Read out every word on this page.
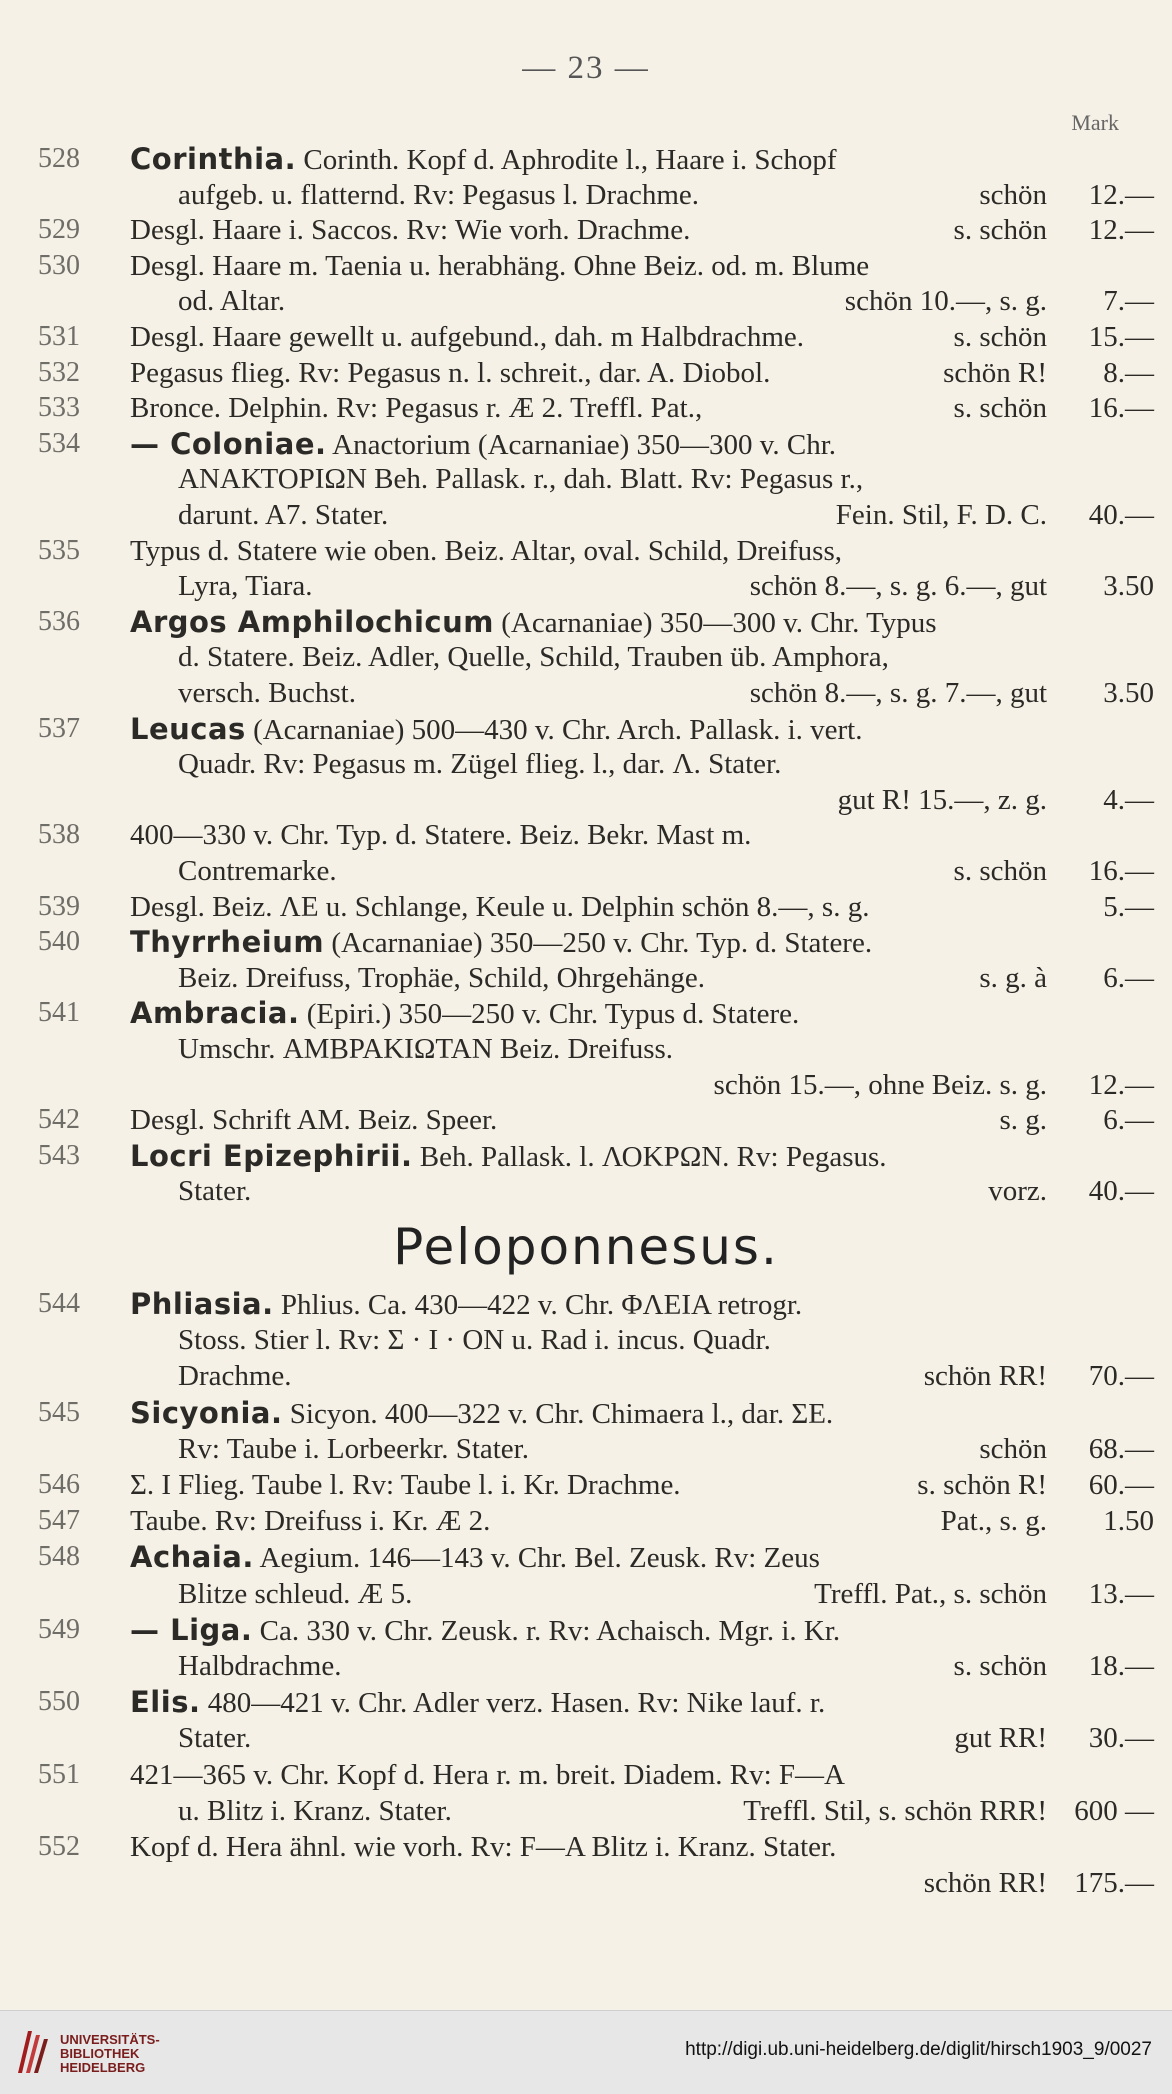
— 23 —
Mark
528 Corinthia. Corinth. Kopf d. Aphrodite l., Haare i. Schopf
aufgeb. u. flatternd. Rv: Pegasus l. Drachme.	schön 12.—
529 Desgl. Haare i. Saccos. Rv: Wie vorh. Drachme.	s. schön 12.—
530 Desgl. Haare m. Taenia u. herabhäng. Ohne Beiz. od. m. Blume
od. Altar.	schön 10.—, s. g. 7.—
531 Desgl. Haare gewellt u. aufgebund., dah. m Halbdrachme.	s. schön 15.—
532 Pegasus flieg. Rv: Pegasus n. l. schreit., dar. A. Diobol.	schön R! 8.—
533 Bronce. Delphin. Rv: Pegasus r. Æ 2. Treffl. Pat.,	s. schön 16.—
534 — Coloniae. Anactorium (Acarnaniae) 350—300 v. Chr.
ΑΝΑΚΤΟΡΙΩΝ Beh. Pallask. r., dah. Blatt. Rv: Pegasus r.,
darunt. A7. Stater.	Fein. Stil, F. D. C. 40.—
535 Typus d. Statere wie oben. Beiz. Altar, oval. Schild, Dreifuss,
Lyra, Tiara.	schön 8.—, s. g. 6.—, gut 3.50
536 Argos Amphilochicum (Acarnaniae) 350—300 v. Chr. Typus
d. Statere. Beiz. Adler, Quelle, Schild, Trauben üb. Amphora,
versch. Buchst.	schön 8.—, s. g. 7.—, gut 3.50
537 Leucas (Acarnaniae) 500—430 v. Chr. Arch. Pallask. i. vert.
Quadr. Rv: Pegasus m. Zügel flieg. l., dar. Λ. Stater.
gut R! 15.—, z. g. 4.—
538 400—330 v. Chr. Typ. d. Statere. Beiz. Bekr. Mast m.
Contremarke.	s. schön 16.—
539 Desgl. Beiz. ΛΕ u. Schlange, Keule u. Delphin schön 8.—, s. g.	5.—
540 Thyrrheium (Acarnaniae) 350—250 v. Chr. Typ. d. Statere.
Beiz. Dreifuss, Trophäe, Schild, Ohrgehänge.	s. g. à 6.—
541 Ambracia. (Epiri.) 350—250 v. Chr. Typus d. Statere.
Umschr. ΑΜΒΡΑΚΙΩΤΑΝ Beiz. Dreifuss.
schön 15.—, ohne Beiz. s. g. 12.—
542 Desgl. Schrift AM. Beiz. Speer.	s. g. 6.—
543 Locri Epizephirii. Beh. Pallask. l. ΛΟΚΡΩΝ. Rv: Pegasus.
Stater.	vorz. 40.—
544 Phliasia. Phlius. Ca. 430—422 v. Chr. ΦΛΕΙΑ retrogr.
Stoss. Stier l. Rv: Σ · I · ON u. Rad i. incus. Quadr.
Drachme.	schön RR! 70.—
545 Sicyonia. Sicyon. 400—322 v. Chr. Chimaera l., dar. ΣΕ.
Rv: Taube i. Lorbeerkr. Stater.	schön 68.—
546 Σ. I Flieg. Taube l. Rv: Taube l. i. Kr. Drachme.	s. schön R! 60.—
547 Taube. Rv: Dreifuss i. Kr. Æ 2.	Pat., s. g. 1.50
548 Achaia. Aegium. 146—143 v. Chr. Bel. Zeusk. Rv: Zeus
Blitze schleud. Æ 5.	Treffl. Pat., s. schön 13.—
549 — Liga. Ca. 330 v. Chr. Zeusk. r. Rv: Achaisch. Mgr. i. Kr.
Halbdrachme.	s. schön 18.—
550 Elis. 480—421 v. Chr. Adler verz. Hasen. Rv: Nike lauf. r.
Stater.	gut RR! 30.—
551 421—365 v. Chr. Kopf d. Hera r. m. breit. Diadem. Rv: F—A
u. Blitz i. Kranz. Stater.	Treffl. Stil, s. schön RRR! 600 —
552 Kopf d. Hera ähnl. wie vorh. Rv: F—A Blitz i. Kranz. Stater.
schön RR! 175.—
Peloponnesus.
UNIVERSITÄTS-
BIBLIOTHEK
HEIDELBERG
http://digi.ub.uni-heidelberg.de/diglit/hirsch1903_9/0027
